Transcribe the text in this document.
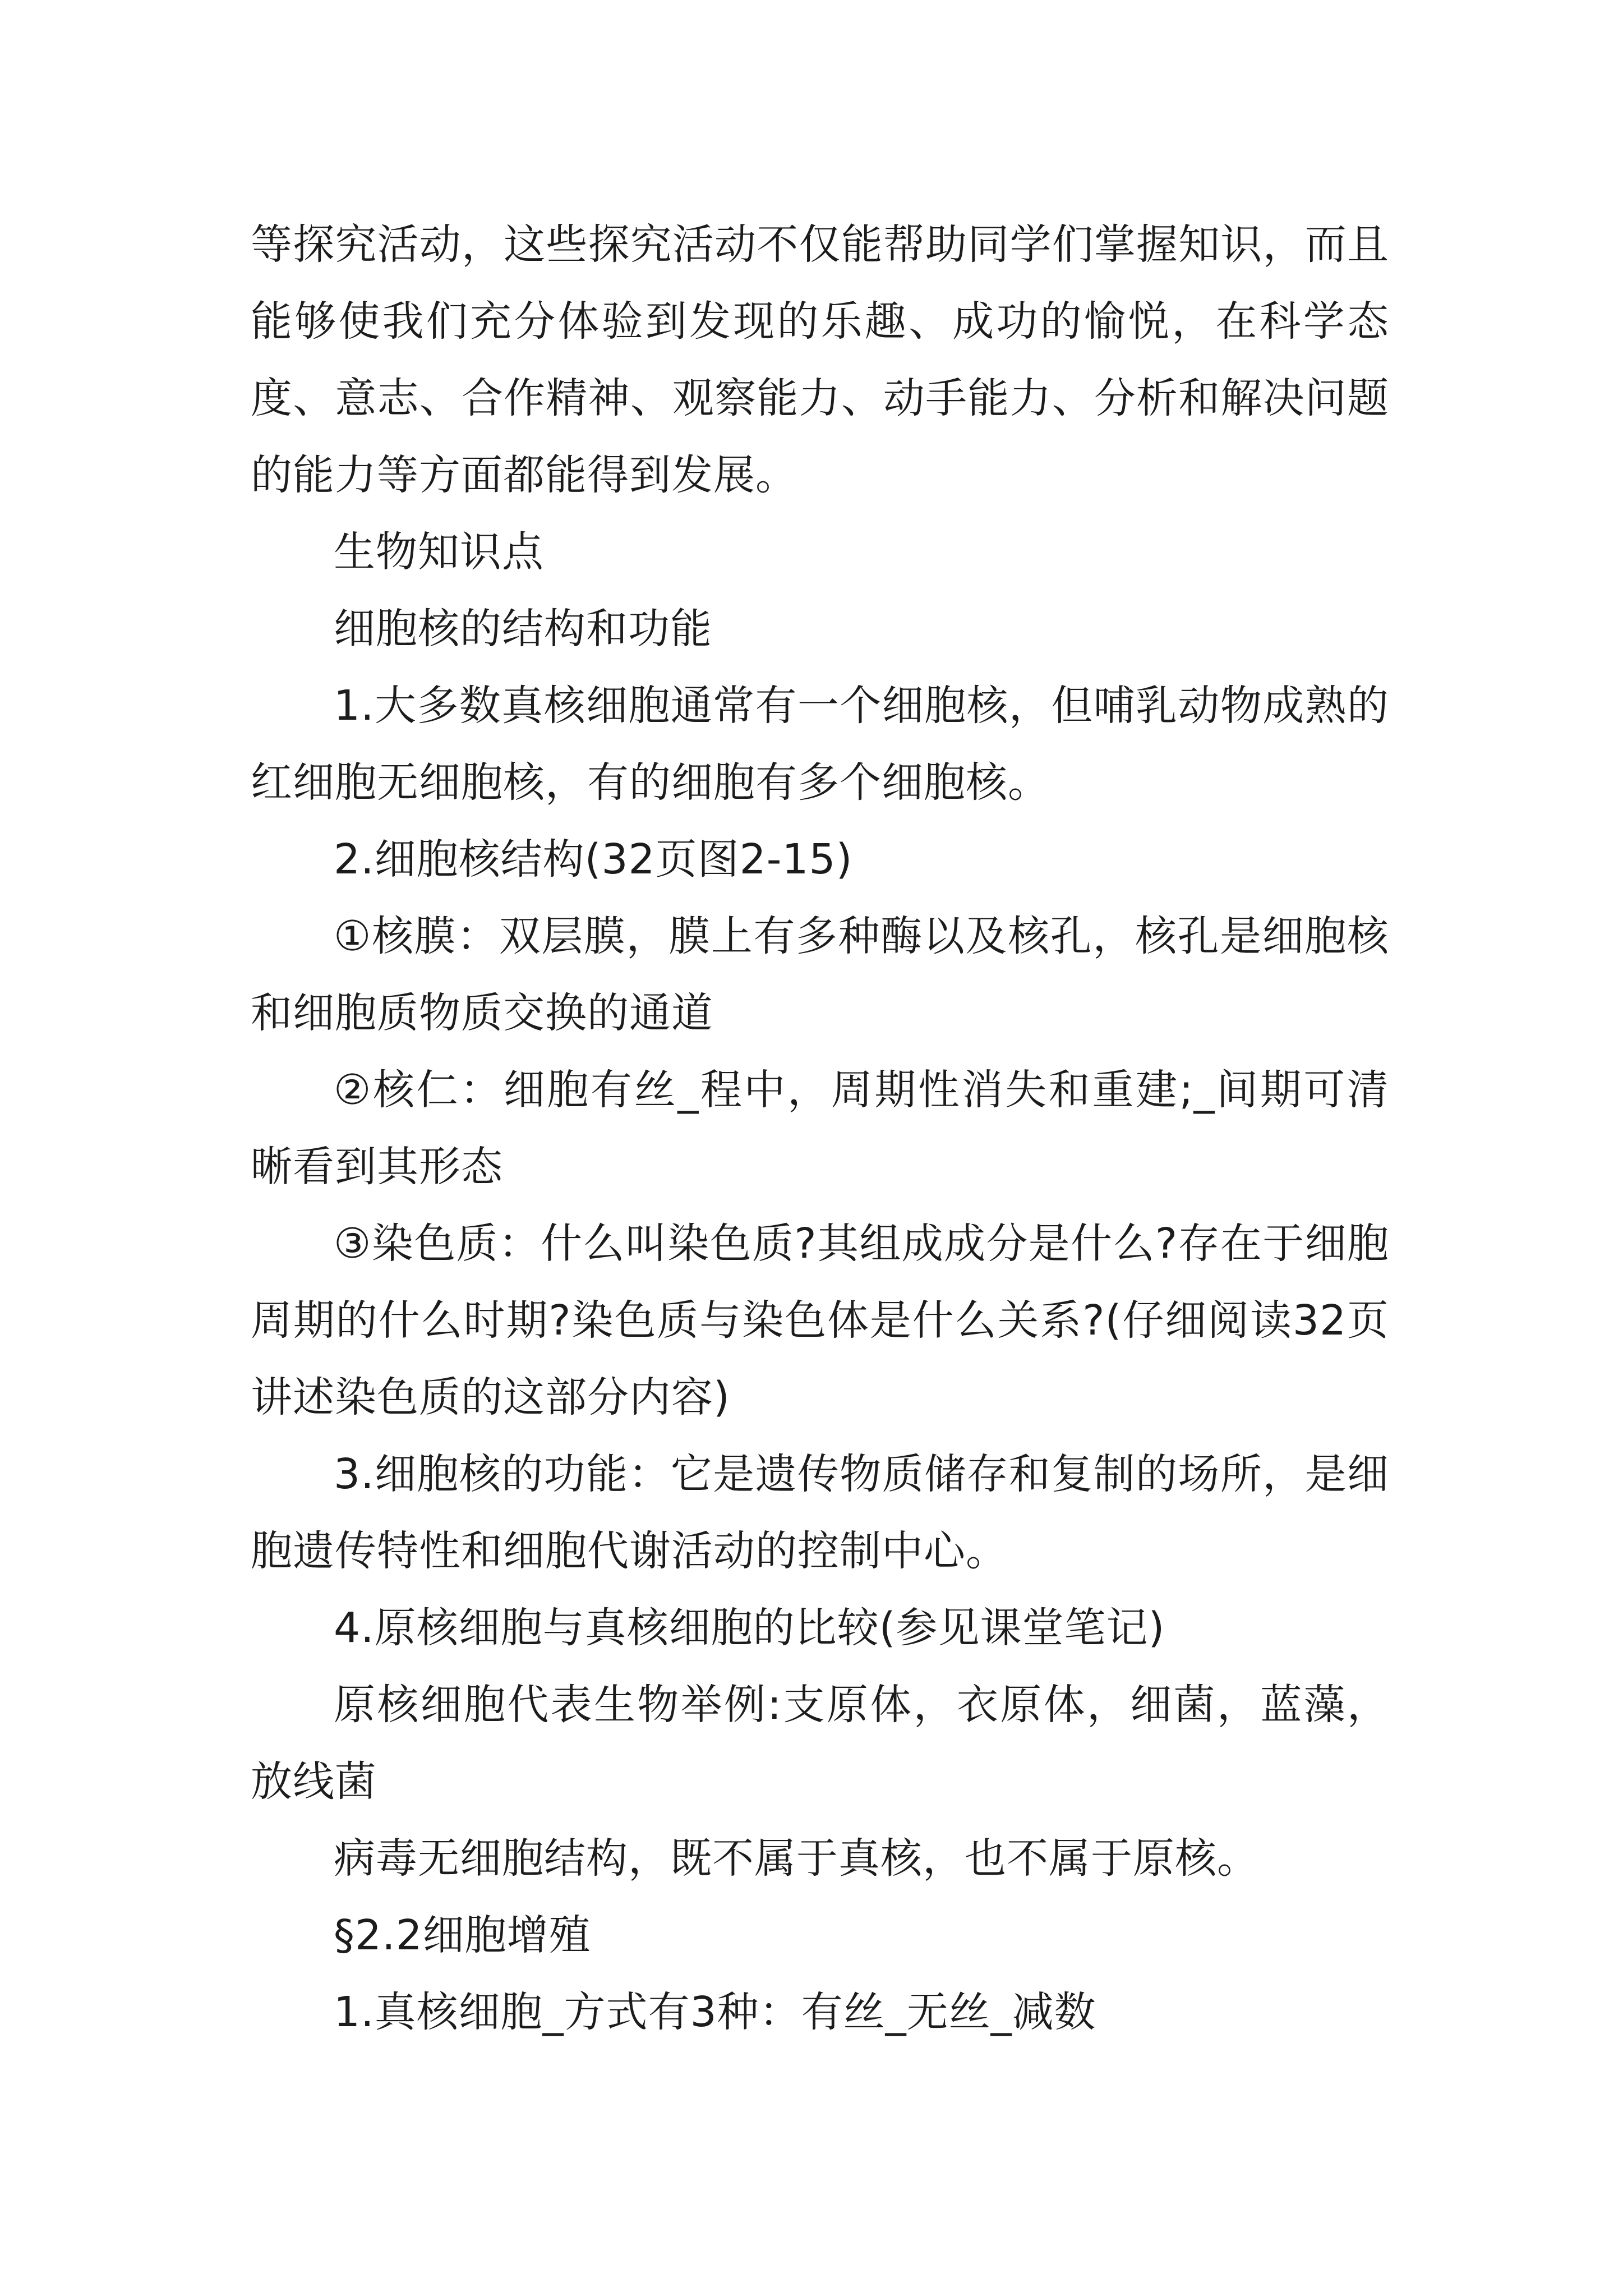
等探究活动，这些探究活动不仅能帮助同学们掌握知识，而且能够使我们充分体验到发现的乐趣、成功的愉悦，在科学态度、意志、合作精神、观察能力、动手能力、分析和解决问题的能力等方面都能得到发展。

生物知识点

细胞核的结构和功能

1.大多数真核细胞通常有一个细胞核，但哺乳动物成熟的红细胞无细胞核，有的细胞有多个细胞核。

2.细胞核结构(32页图2-15)

①核膜：双层膜，膜上有多种酶以及核孔，核孔是细胞核和细胞质物质交换的通道

②核仁：细胞有丝_程中，周期性消失和重建;_间期可清晰看到其形态

③染色质：什么叫染色质?其组成成分是什么?存在于细胞周期的什么时期?染色质与染色体是什么关系?(仔细阅读32页讲述染色质的这部分内容)

3.细胞核的功能：它是遗传物质储存和复制的场所，是细胞遗传特性和细胞代谢活动的控制中心。

4.原核细胞与真核细胞的比较(参见课堂笔记)

原核细胞代表生物举例:支原体，衣原体，细菌，蓝藻，放线菌

病毒无细胞结构，既不属于真核，也不属于原核。

§2.2细胞增殖

1.真核细胞_方式有3种：有丝_无丝_减数
